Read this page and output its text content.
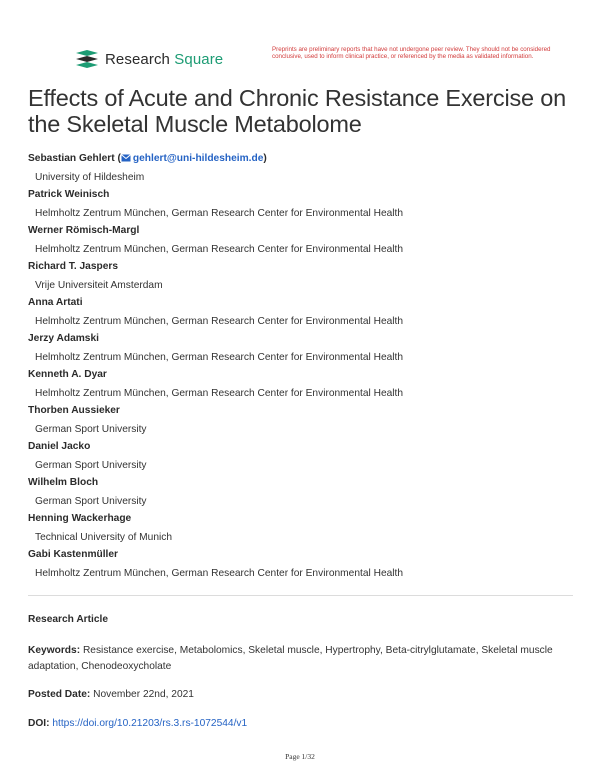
Research Square
Preprints are preliminary reports that have not undergone peer review. They should not be considered conclusive, used to inform clinical practice, or referenced by the media as validated information.
Effects of Acute and Chronic Resistance Exercise on the Skeletal Muscle Metabolome
Sebastian Gehlert ( gehlert@uni-hildesheim.de)
University of Hildesheim
Patrick Weinisch
Helmholtz Zentrum München, German Research Center for Environmental Health
Werner Römisch-Margl
Helmholtz Zentrum München, German Research Center for Environmental Health
Richard T. Jaspers
Vrije Universiteit Amsterdam
Anna Artati
Helmholtz Zentrum München, German Research Center for Environmental Health
Jerzy Adamski
Helmholtz Zentrum München, German Research Center for Environmental Health
Kenneth A. Dyar
Helmholtz Zentrum München, German Research Center for Environmental Health
Thorben Aussieker
German Sport University
Daniel Jacko
German Sport University
Wilhelm Bloch
German Sport University
Henning Wackerhage
Technical University of Munich
Gabi Kastenmüller
Helmholtz Zentrum München, German Research Center for Environmental Health
Research Article
Keywords: Resistance exercise, Metabolomics, Skeletal muscle, Hypertrophy, Beta-citrylglutamate, Skeletal muscle adaptation, Chenodeoxycholate
Posted Date: November 22nd, 2021
DOI: https://doi.org/10.21203/rs.3.rs-1072544/v1
Page 1/32
